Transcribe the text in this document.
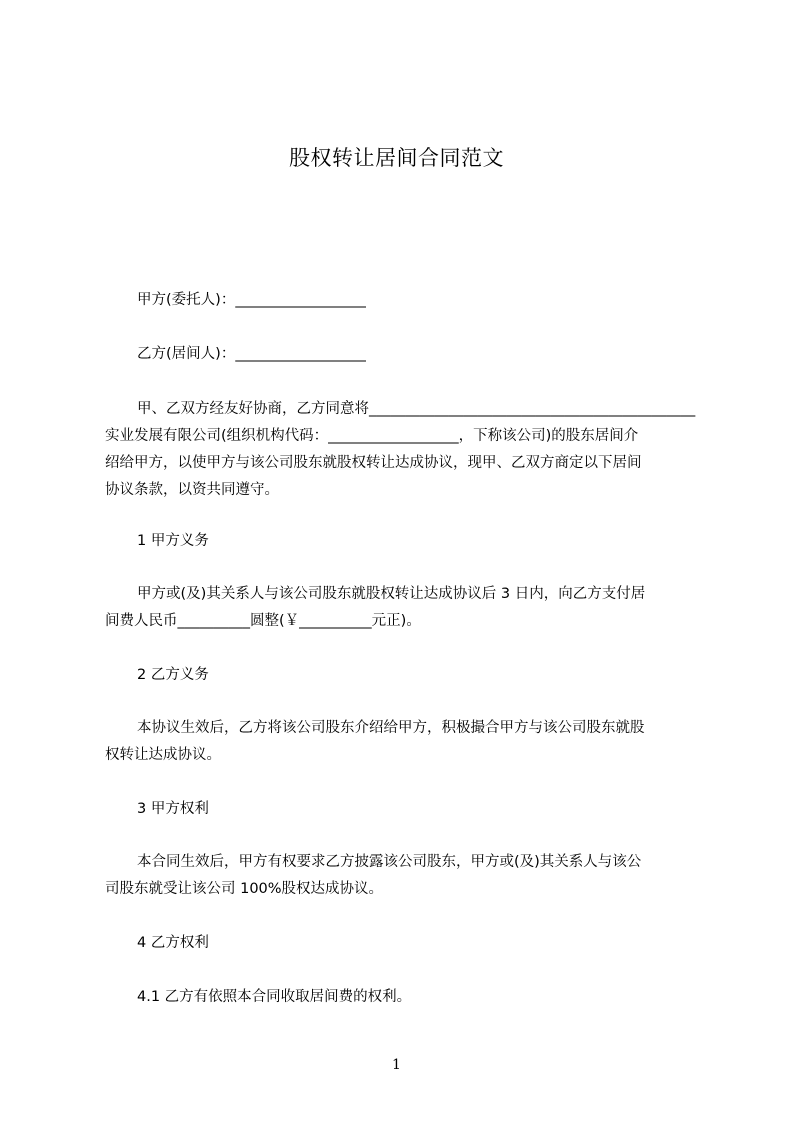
股权转让居间合同范文
甲方(委托人)：__________________
乙方(居间人)：__________________
甲、乙双方经友好协商，乙方同意将_____________________________________________
实业发展有限公司(组织机构代码：__________________，下称该公司)的股东居间介
绍给甲方，以使甲方与该公司股东就股权转让达成协议，现甲、乙双方商定以下居间
协议条款，以资共同遵守。
1 甲方义务
甲方或(及)其关系人与该公司股东就股权转让达成协议后 3 日内，向乙方支付居
间费人民币__________圆整(￥__________元正)。
2 乙方义务
本协议生效后，乙方将该公司股东介绍给甲方，积极撮合甲方与该公司股东就股
权转让达成协议。
3 甲方权利
本合同生效后，甲方有权要求乙方披露该公司股东，甲方或(及)其关系人与该公
司股东就受让该公司 100%股权达成协议。
4 乙方权利
4.1 乙方有依照本合同收取居间费的权利。
1
